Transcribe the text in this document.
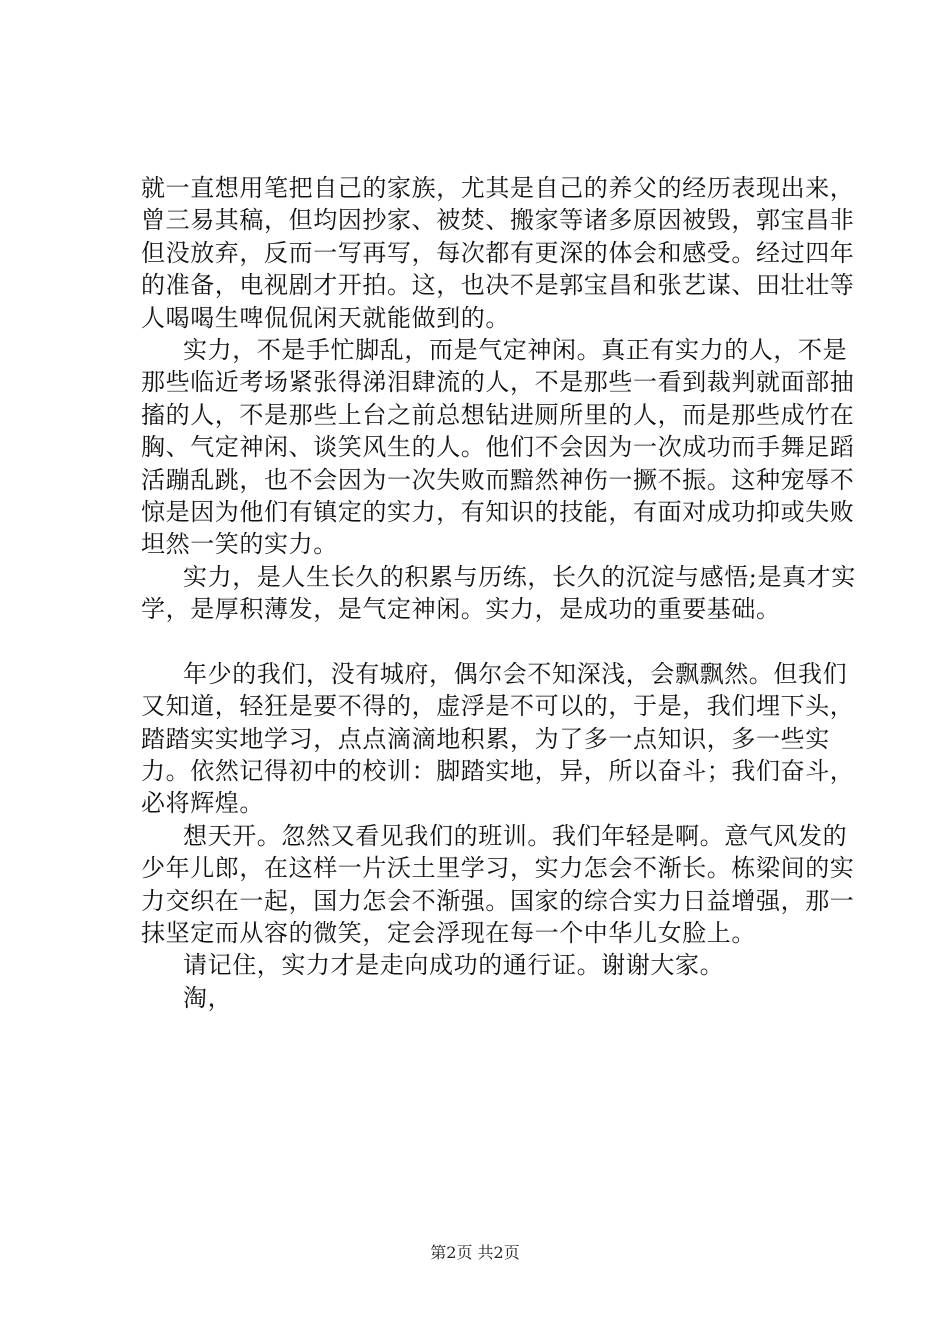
就一直想用笔把自己的家族，尤其是自己的养父的经历表现出来，曾三易其稿，但均因抄家、被焚、搬家等诸多原因被毁，郭宝昌非但没放弃，反而一写再写，每次都有更深的体会和感受。经过四年的准备，电视剧才开拍。这，也决不是郭宝昌和张艺谋、田壮壮等人喝喝生啤侃侃闲天就能做到的。

实力，不是手忙脚乱，而是气定神闲。真正有实力的人，不是那些临近考场紧张得涕泪肆流的人，不是那些一看到裁判就面部抽搐的人，不是那些上台之前总想钻进厕所里的人，而是那些成竹在胸、气定神闲、谈笑风生的人。他们不会因为一次成功而手舞足蹈活蹦乱跳，也不会因为一次失败而黯然神伤一撅不振。这种宠辱不惊是因为他们有镇定的实力，有知识的技能，有面对成功抑或失败坦然一笑的实力。

实力，是人生长久的积累与历练，长久的沉淀与感悟;是真才实学，是厚积薄发，是气定神闲。实力，是成功的重要基础。

年少的我们，没有城府，偶尔会不知深浅，会飘飘然。但我们又知道，轻狂是要不得的，虚浮是不可以的，于是，我们埋下头，踏踏实实地学习，点点滴滴地积累，为了多一点知识，多一些实力。依然记得初中的校训：脚踏实地，异，所以奋斗；我们奋斗，必将辉煌。

想天开。忽然又看见我们的班训。我们年轻是啊。意气风发的少年儿郎，在这样一片沃土里学习，实力怎会不渐长。栋梁间的实力交织在一起，国力怎会不渐强。国家的综合实力日益增强，那一抹坚定而从容的微笑，定会浮现在每一个中华儿女脸上。

请记住，实力才是走向成功的通行证。谢谢大家。

淘，

第2页 共2页
